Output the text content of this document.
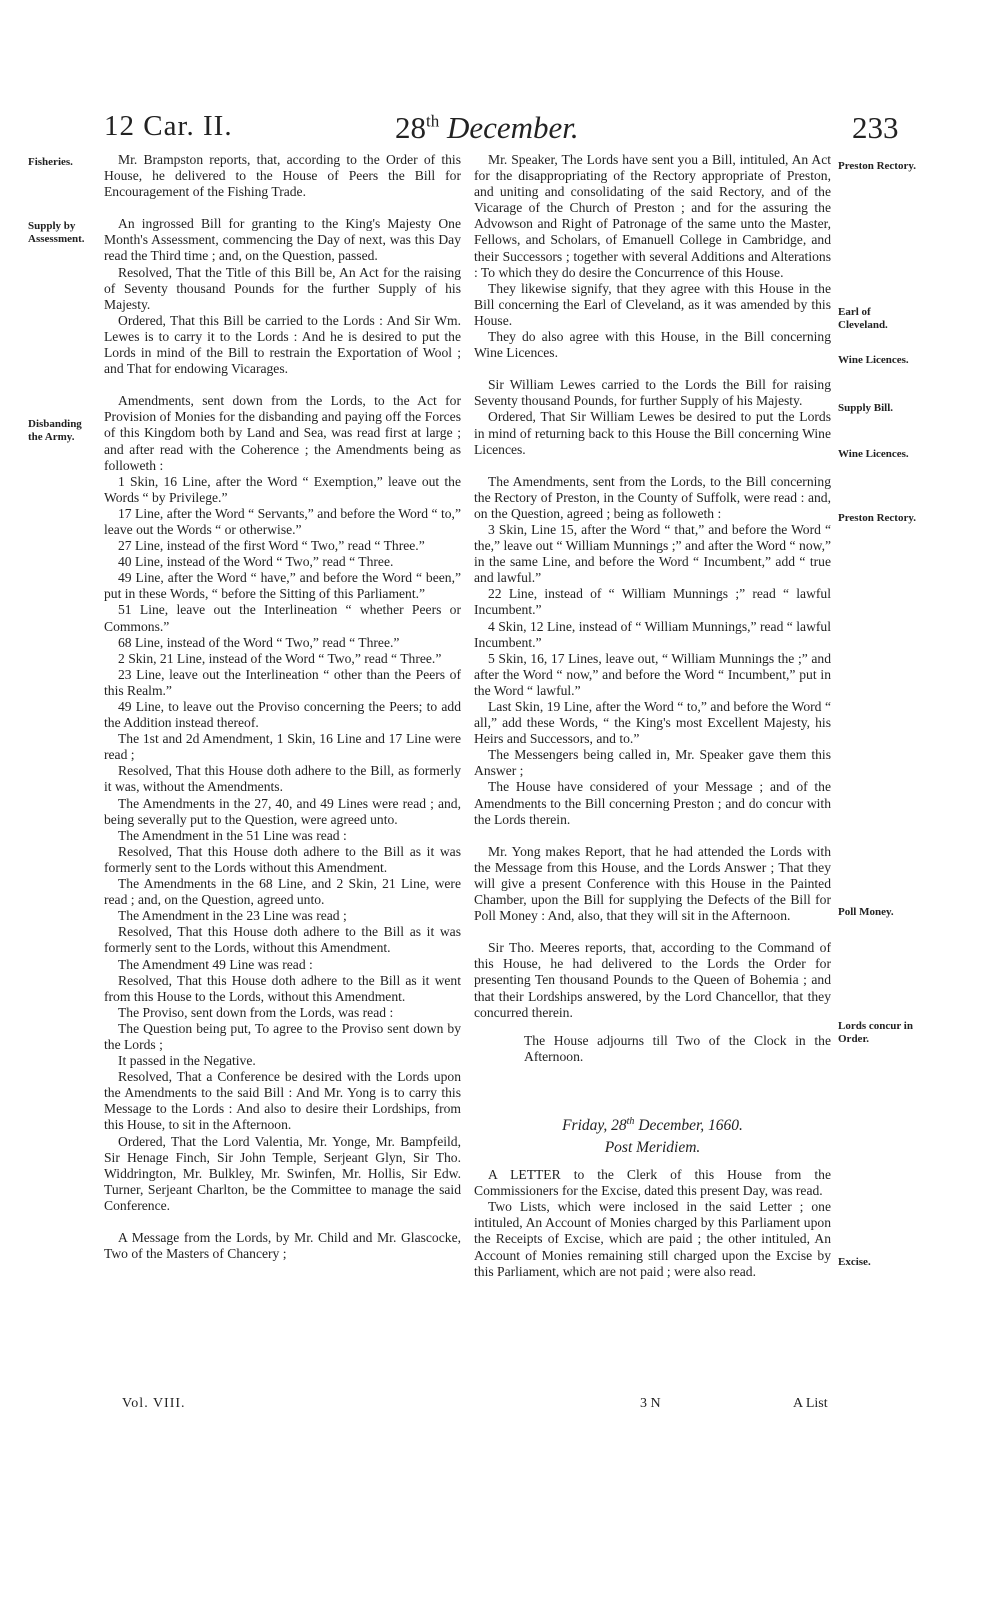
12 Car. II.	28th December.	233
Fisheries.
Supply by Assessment.
Disbanding the Army.
Preston Rectory.
Earl of Cleveland.
Wine Licences.
Supply Bill.
Wine Licences.
Preston Rectory.
Poll Money.
Lords concur in Order.
Excise.

Mr. Brampston reports, that, according to the Order of this House, he delivered to the House of Peers the Bill for Encouragement of the Fishing Trade.

An ingrossed Bill for granting to the King's Majesty One Month's Assessment, commencing the Day of next, was this Day read the Third time ; and, on the Question, passed.

Resolved, That the Title of this Bill be, An Act for the raising of Seventy thousand Pounds for the further Supply of his Majesty.

Ordered, That this Bill be carried to the Lords : And Sir Wm. Lewes is to carry it to the Lords : And he is desired to put the Lords in mind of the Bill to restrain the Exportation of Wool ; and That for endowing Vicarages.

Amendments, sent down from the Lords, to the Act for Provision of Monies for the disbanding and paying off the Forces of this Kingdom both by Land and Sea, was read first at large ; and after read with the Coherence ; the Amendments being as followeth :

1 Skin, 16 Line, after the Word “ Exemption,” leave out the Words “ by Privilege.”

17 Line, after the Word “ Servants,” and before the Word “ to,” leave out the Words “ or otherwise.”

27 Line, instead of the first Word “ Two,” read “ Three.”

40 Line, instead of the Word “ Two,” read “ Three.

49 Line, after the Word “ have,” and before the Word “ been,” put in these Words, “ before the Sitting of this Parliament.”

51 Line, leave out the Interlineation “ whether Peers or Commons.”

68 Line, instead of the Word “ Two,” read “ Three.”

2 Skin, 21 Line, instead of the Word “ Two,” read “ Three.”

23 Line, leave out the Interlineation “ other than the Peers of this Realm.”

49 Line, to leave out the Proviso concerning the Peers; to add the Addition instead thereof.

The 1st and 2d Amendment, 1 Skin, 16 Line and 17 Line were read ;

Resolved, That this House doth adhere to the Bill, as formerly it was, without the Amendments.

The Amendments in the 27, 40, and 49 Lines were read ; and, being severally put to the Question, were agreed unto.

The Amendment in the 51 Line was read :

Resolved, That this House doth adhere to the Bill as it was formerly sent to the Lords without this Amendment.

The Amendments in the 68 Line, and 2 Skin, 21 Line, were read ; and, on the Question, agreed unto.

The Amendment in the 23 Line was read ;

Resolved, That this House doth adhere to the Bill as it was formerly sent to the Lords, without this Amendment.

The Amendment 49 Line was read :

Resolved, That this House doth adhere to the Bill as it went from this House to the Lords, without this Amendment.

The Proviso, sent down from the Lords, was read :

The Question being put, To agree to the Proviso sent down by the Lords ;

It passed in the Negative.

Resolved, That a Conference be desired with the Lords upon the Amendments to the said Bill : And Mr. Yong is to carry this Message to the Lords : And also to desire their Lordships, from this House, to sit in the Afternoon.

Ordered, That the Lord Valentia, Mr. Yonge, Mr. Bampfeild, Sir Henage Finch, Sir John Temple, Serjeant Glyn, Sir Tho. Widdrington, Mr. Bulkley, Mr. Swinfen, Mr. Hollis, Sir Edw. Turner, Serjeant Charlton, be the Committee to manage the said Conference.

A Message from the Lords, by Mr. Child and Mr. Glascocke, Two of the Masters of Chancery ;

Mr. Speaker, The Lords have sent you a Bill, intituled, An Act for the disappropriating of the Rectory appropriate of Preston, and uniting and consolidating of the said Rectory, and of the Vicarage of the Church of Preston ; and for the assuring the Advowson and Right of Patronage of the same unto the Master, Fellows, and Scholars, of Emanuell College in Cambridge, and their Successors ; together with several Additions and Alterations : To which they do desire the Concurrence of this House.

They likewise signify, that they agree with this House in the Bill concerning the Earl of Cleveland, as it was amended by this House.

They do also agree with this House, in the Bill concerning Wine Licences.

Sir William Lewes carried to the Lords the Bill for raising Seventy thousand Pounds, for further Supply of his Majesty.

Ordered, That Sir William Lewes be desired to put the Lords in mind of returning back to this House the Bill concerning Wine Licences.

The Amendments, sent from the Lords, to the Bill concerning the Rectory of Preston, in the County of Suffolk, were read : and, on the Question, agreed ; being as followeth :

3 Skin, Line 15, after the Word “ that,” and before the Word “ the,” leave out “ William Munnings ;” and after the Word “ now,” in the same Line, and before the Word “ Incumbent,” add “ true and lawful.”

22 Line, instead of “ William Munnings ;” read “ lawful Incumbent.”

4 Skin, 12 Line, instead of “ William Munnings,” read “ lawful Incumbent.”

5 Skin, 16, 17 Lines, leave out, “ William Munnings the ;” and after the Word “ now,” and before the Word “ Incumbent,” put in the Word “ lawful.”

Last Skin, 19 Line, after the Word “ to,” and before the Word “ all,” add these Words, “ the King's most Excellent Majesty, his Heirs and Successors, and to.”

The Messengers being called in, Mr. Speaker gave them this Answer ;

The House have considered of your Message ; and of the Amendments to the Bill concerning Preston ; and do concur with the Lords therein.

Mr. Yong makes Report, that he had attended the Lords with the Message from this House, and the Lords Answer ; That they will give a present Conference with this House in the Painted Chamber, upon the Bill for supplying the Defects of the Bill for Poll Money : And, also, that they will sit in the Afternoon.

Sir Tho. Meeres reports, that, according to the Command of this House, he had delivered to the Lords the Order for presenting Ten thousand Pounds to the Queen of Bohemia ; and that their Lordships answered, by the Lord Chancellor, that they concurred therein.

The House adjourns till Two of the Clock in the Afternoon.

Friday, 28th December, 1660.
Post Meridiem.

A LETTER to the Clerk of this House from the Commissioners for the Excise, dated this present Day, was read.

Two Lists, which were inclosed in the said Letter ; one intituled, An Account of Monies charged by this Parliament upon the Receipts of Excise, which are paid ; the other intituled, An Account of Monies remaining still charged upon the Excise by this Parliament, which are not paid ; were also read.

Vol. VIII.	3 N	A List
